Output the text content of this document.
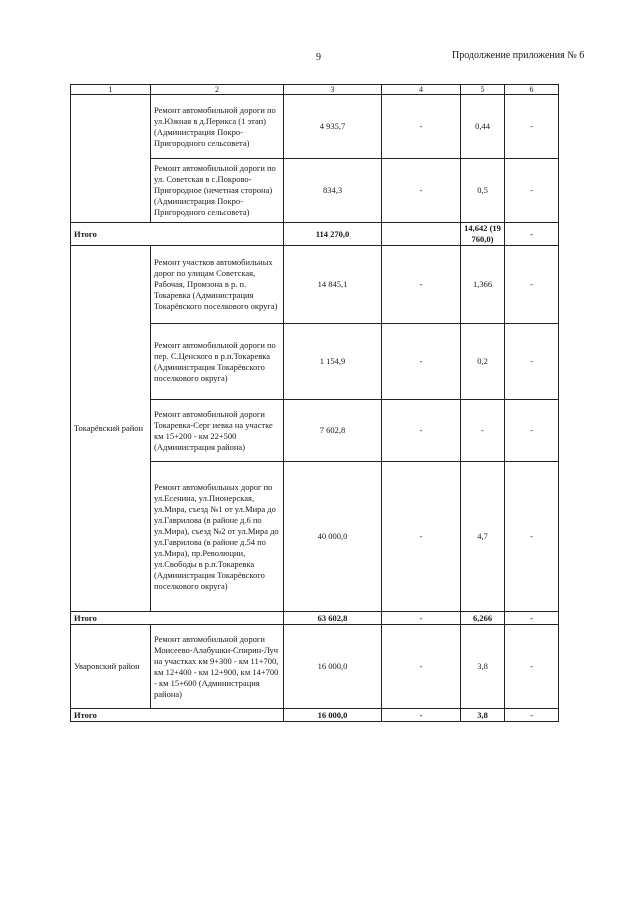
9	Продолжение приложения № 6
1	2	3	4	5	6
	Ремонт автомобильной дороги по ул.Южная в д.Перикса (1 этап) (Администрация Покро-Пригородного сельсовета)	4 935,7	-	0,44	-
	Ремонт автомобильной дороги по ул. Советская в с.Покрово-Пригородное (нечетная сторона) (Администрация Покро-Пригородного сельсовета)	834,3	-	0,5	-
Итого		114 270,0		14,642 (19 760,0)	-
Токарёвский район	Ремонт участков автомобильных дорог по улицам Советская, Рабочая, Промзона в р. п. Токаревка (Администрация Токарёвского поселкового округа)	14 845,1	-	1,366	-
	Ремонт автомобильной дороги по пер. С.Ценского в р.п.Токаревка (Администрация Токарёвского поселкового округа)	1 154,9	-	0,2	-
	Ремонт автомобильной дороги Токаревка-Серг иевка на участке км 15+200 - км 22+500 (Администрация района)	7 602,8	-	-	-
	Ремонт автомобильных дорог по ул.Есенина, ул.Пионерская, ул.Мира, съезд №1 от ул.Мира до ул.Гаврилова (в районе д.6 по ул.Мира), съезд №2 от ул.Мира до ул.Гаврилова (в районе д.54 по ул.Мира), пр.Революции, ул.Свободы в р.п.Токаревка (Администрация Токарёвского поселкового округа)	40 000,0	-	4,7	-
Итого		63 602,8	-	6,266	-
Уваровский район	Ремонт автомобильной дороги Моисеево-Алабушки-Спирин-Луч на участках км 9+300 - км 11+700, км 12+400 - км 12+900, км 14+700 - км 15+600 (Администрация района)	16 000,0	-	3,8	-
Итого		16 000,0	-	3,8	-
